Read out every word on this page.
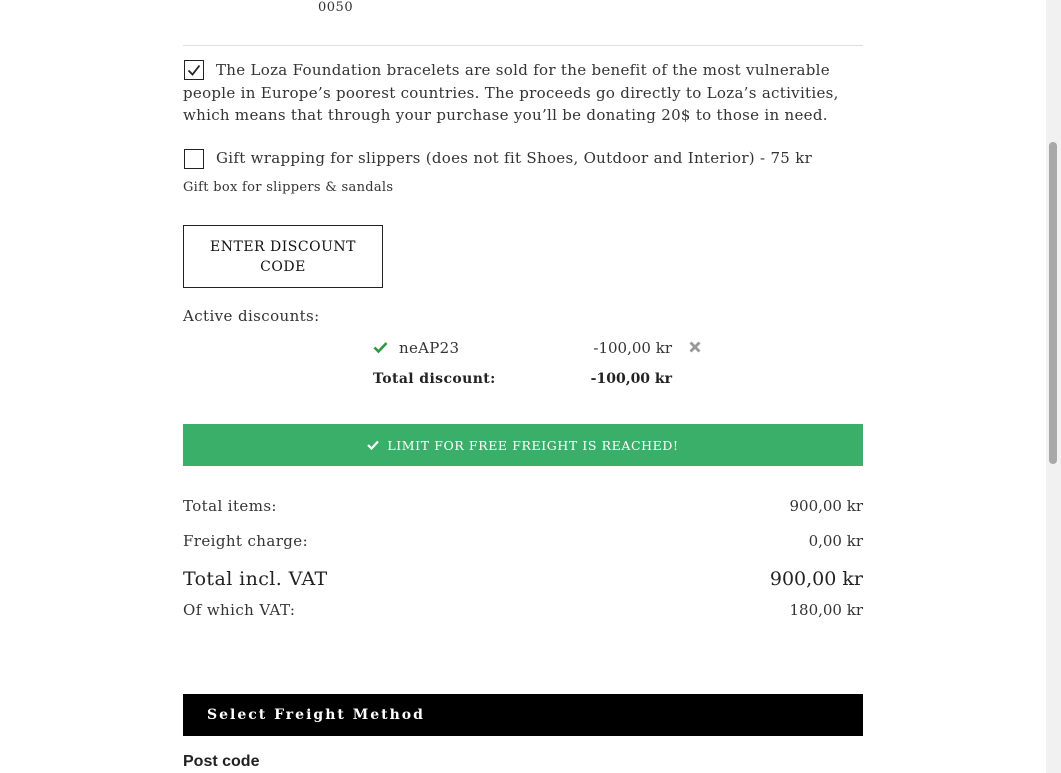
0050
The Loza Foundation bracelets are sold for the benefit of the most vulnerable people in Europe’s poorest countries. The proceeds go directly to Loza’s activities, which means that through your purchase you’ll be donating 20$ to those in need.
Gift wrapping for slippers (does not fit Shoes, Outdoor and Interior) - 75 kr
Gift box for slippers & sandals
ENTER DISCOUNT CODE
Active discounts:
neAP23	-100,00 kr
Total discount:	-100,00 kr
LIMIT FOR FREE FREIGHT IS REACHED!
Total items:	900,00 kr
Freight charge:	0,00 kr
Total incl. VAT	900,00 kr
Of which VAT:	180,00 kr
Select Freight Method
Post code
